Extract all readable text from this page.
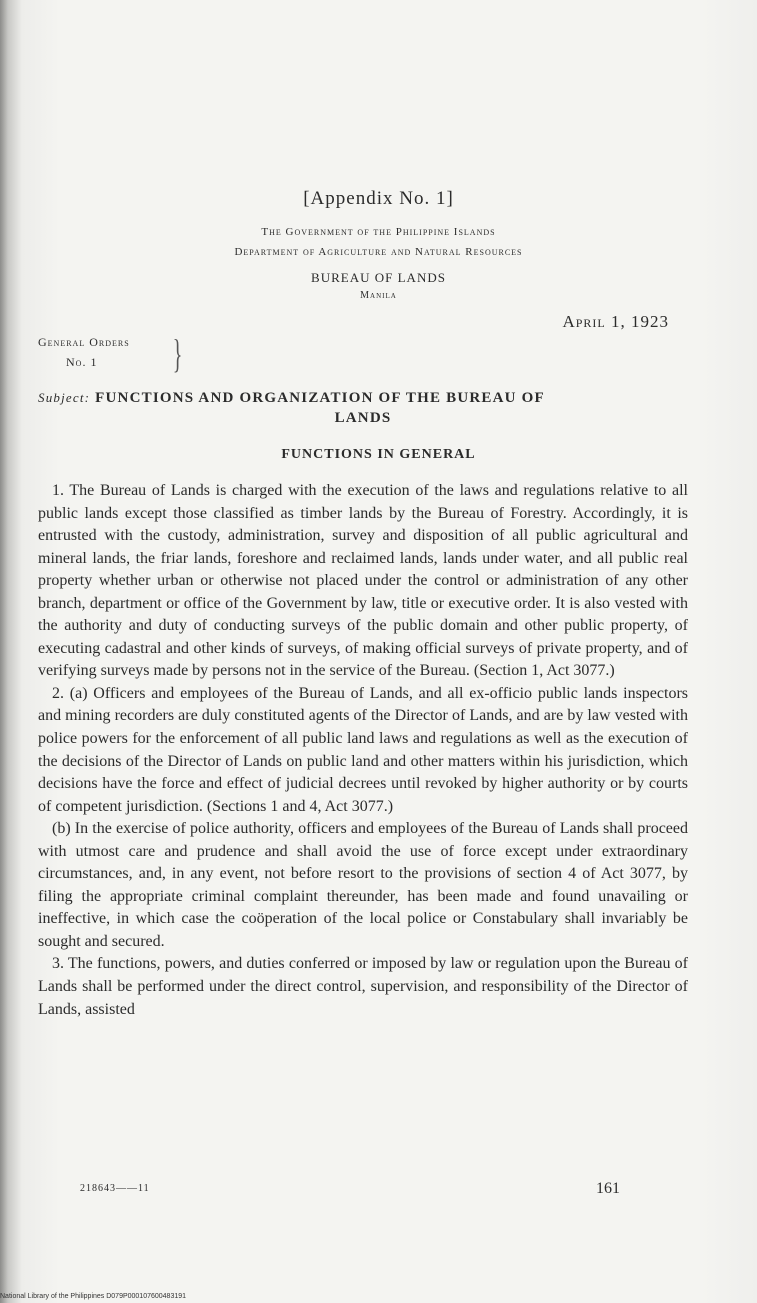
[Appendix No. 1]
The Government of the Philippine Islands
Department of Agriculture and Natural Resources
BUREAU OF LANDS
Manila
April 1, 1923
General Orders
No. 1	}
Subject: FUNCTIONS AND ORGANIZATION OF THE BUREAU OF
LANDS
FUNCTIONS IN GENERAL

1. The Bureau of Lands is charged with the execution of the laws and regulations relative to all public lands except those classified as timber lands by the Bureau of Forestry. Accordingly, it is entrusted with the custody, administration, survey and disposition of all public agricultural and mineral lands, the friar lands, foreshore and reclaimed lands, lands under water, and all public real property whether urban or otherwise not placed under the control or administration of any other branch, department or office of the Government by law, title or executive order. It is also vested with the authority and duty of conducting surveys of the public domain and other public property, of executing cadastral and other kinds of surveys, of making official surveys of private property, and of verifying surveys made by persons not in the service of the Bureau. (Section 1, Act 3077.)

2. (a) Officers and employees of the Bureau of Lands, and all ex-officio public lands inspectors and mining recorders are duly constituted agents of the Director of Lands, and are by law vested with police powers for the enforcement of all public land laws and regulations as well as the execution of the decisions of the Director of Lands on public land and other matters within his jurisdiction, which decisions have the force and effect of judicial decrees until revoked by higher authority or by courts of competent jurisdiction. (Sections 1 and 4, Act 3077.)

(b) In the exercise of police authority, officers and employees of the Bureau of Lands shall proceed with utmost care and prudence and shall avoid the use of force except under extraordinary circumstances, and, in any event, not before resort to the provisions of section 4 of Act 3077, by filing the appropriate criminal complaint thereunder, has been made and found unavailing or ineffective, in which case the coöperation of the local police or Constabulary shall invariably be sought and secured.

3. The functions, powers, and duties conferred or imposed by law or regulation upon the Bureau of Lands shall be performed under the direct control, supervision, and responsibility of the Director of Lands, assisted

218643——11	161
National Library of the Philippines D079P000107600483191
